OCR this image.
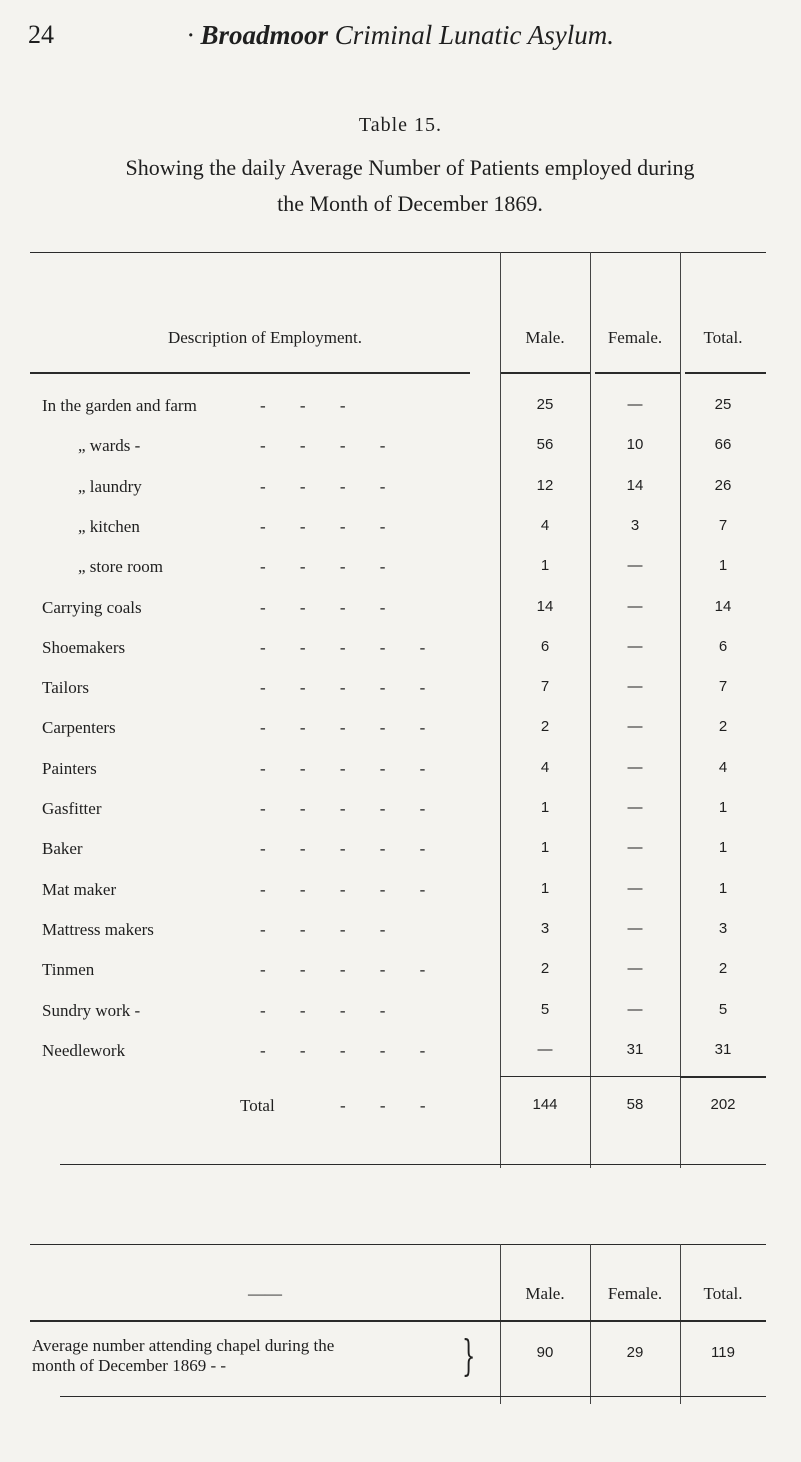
24	· Broadmoor Criminal Lunatic Asylum.
Table 15.
Showing the daily Average Number of Patients employed during
the Month of December 1869.
Description of Employment.	Male.	Female.	Total.
In the garden and farm	- - -	25	—	25
„ wards -	- - - -	56	10	66
„ laundry	- - - -	12	14	26
„ kitchen	- - - -	4	3	7
„ store room	- - - -	1	—	1
Carrying coals	- - - -	14	—	14
Shoemakers	- - - - -	6	—	6
Tailors	- - - - -	7	—	7
Carpenters	- - - - -	2	—	2
Painters	- - - - -	4	—	4
Gasfitter	- - - - -	1	—	1
Baker	- - - - -	1	—	1
Mat maker	- - - - -	1	—	1
Mattress makers	- - - -	3	—	3
Tinmen	- - - - -	2	—	2
Sundry work -	- - - -	5	—	5
Needlework	- - - - -	—	31	31
Total	- - -	144	58	202
——	Male.	Female.	Total.
Average number attending chapel during the
month of December 1869 - -	}	90	29	119
